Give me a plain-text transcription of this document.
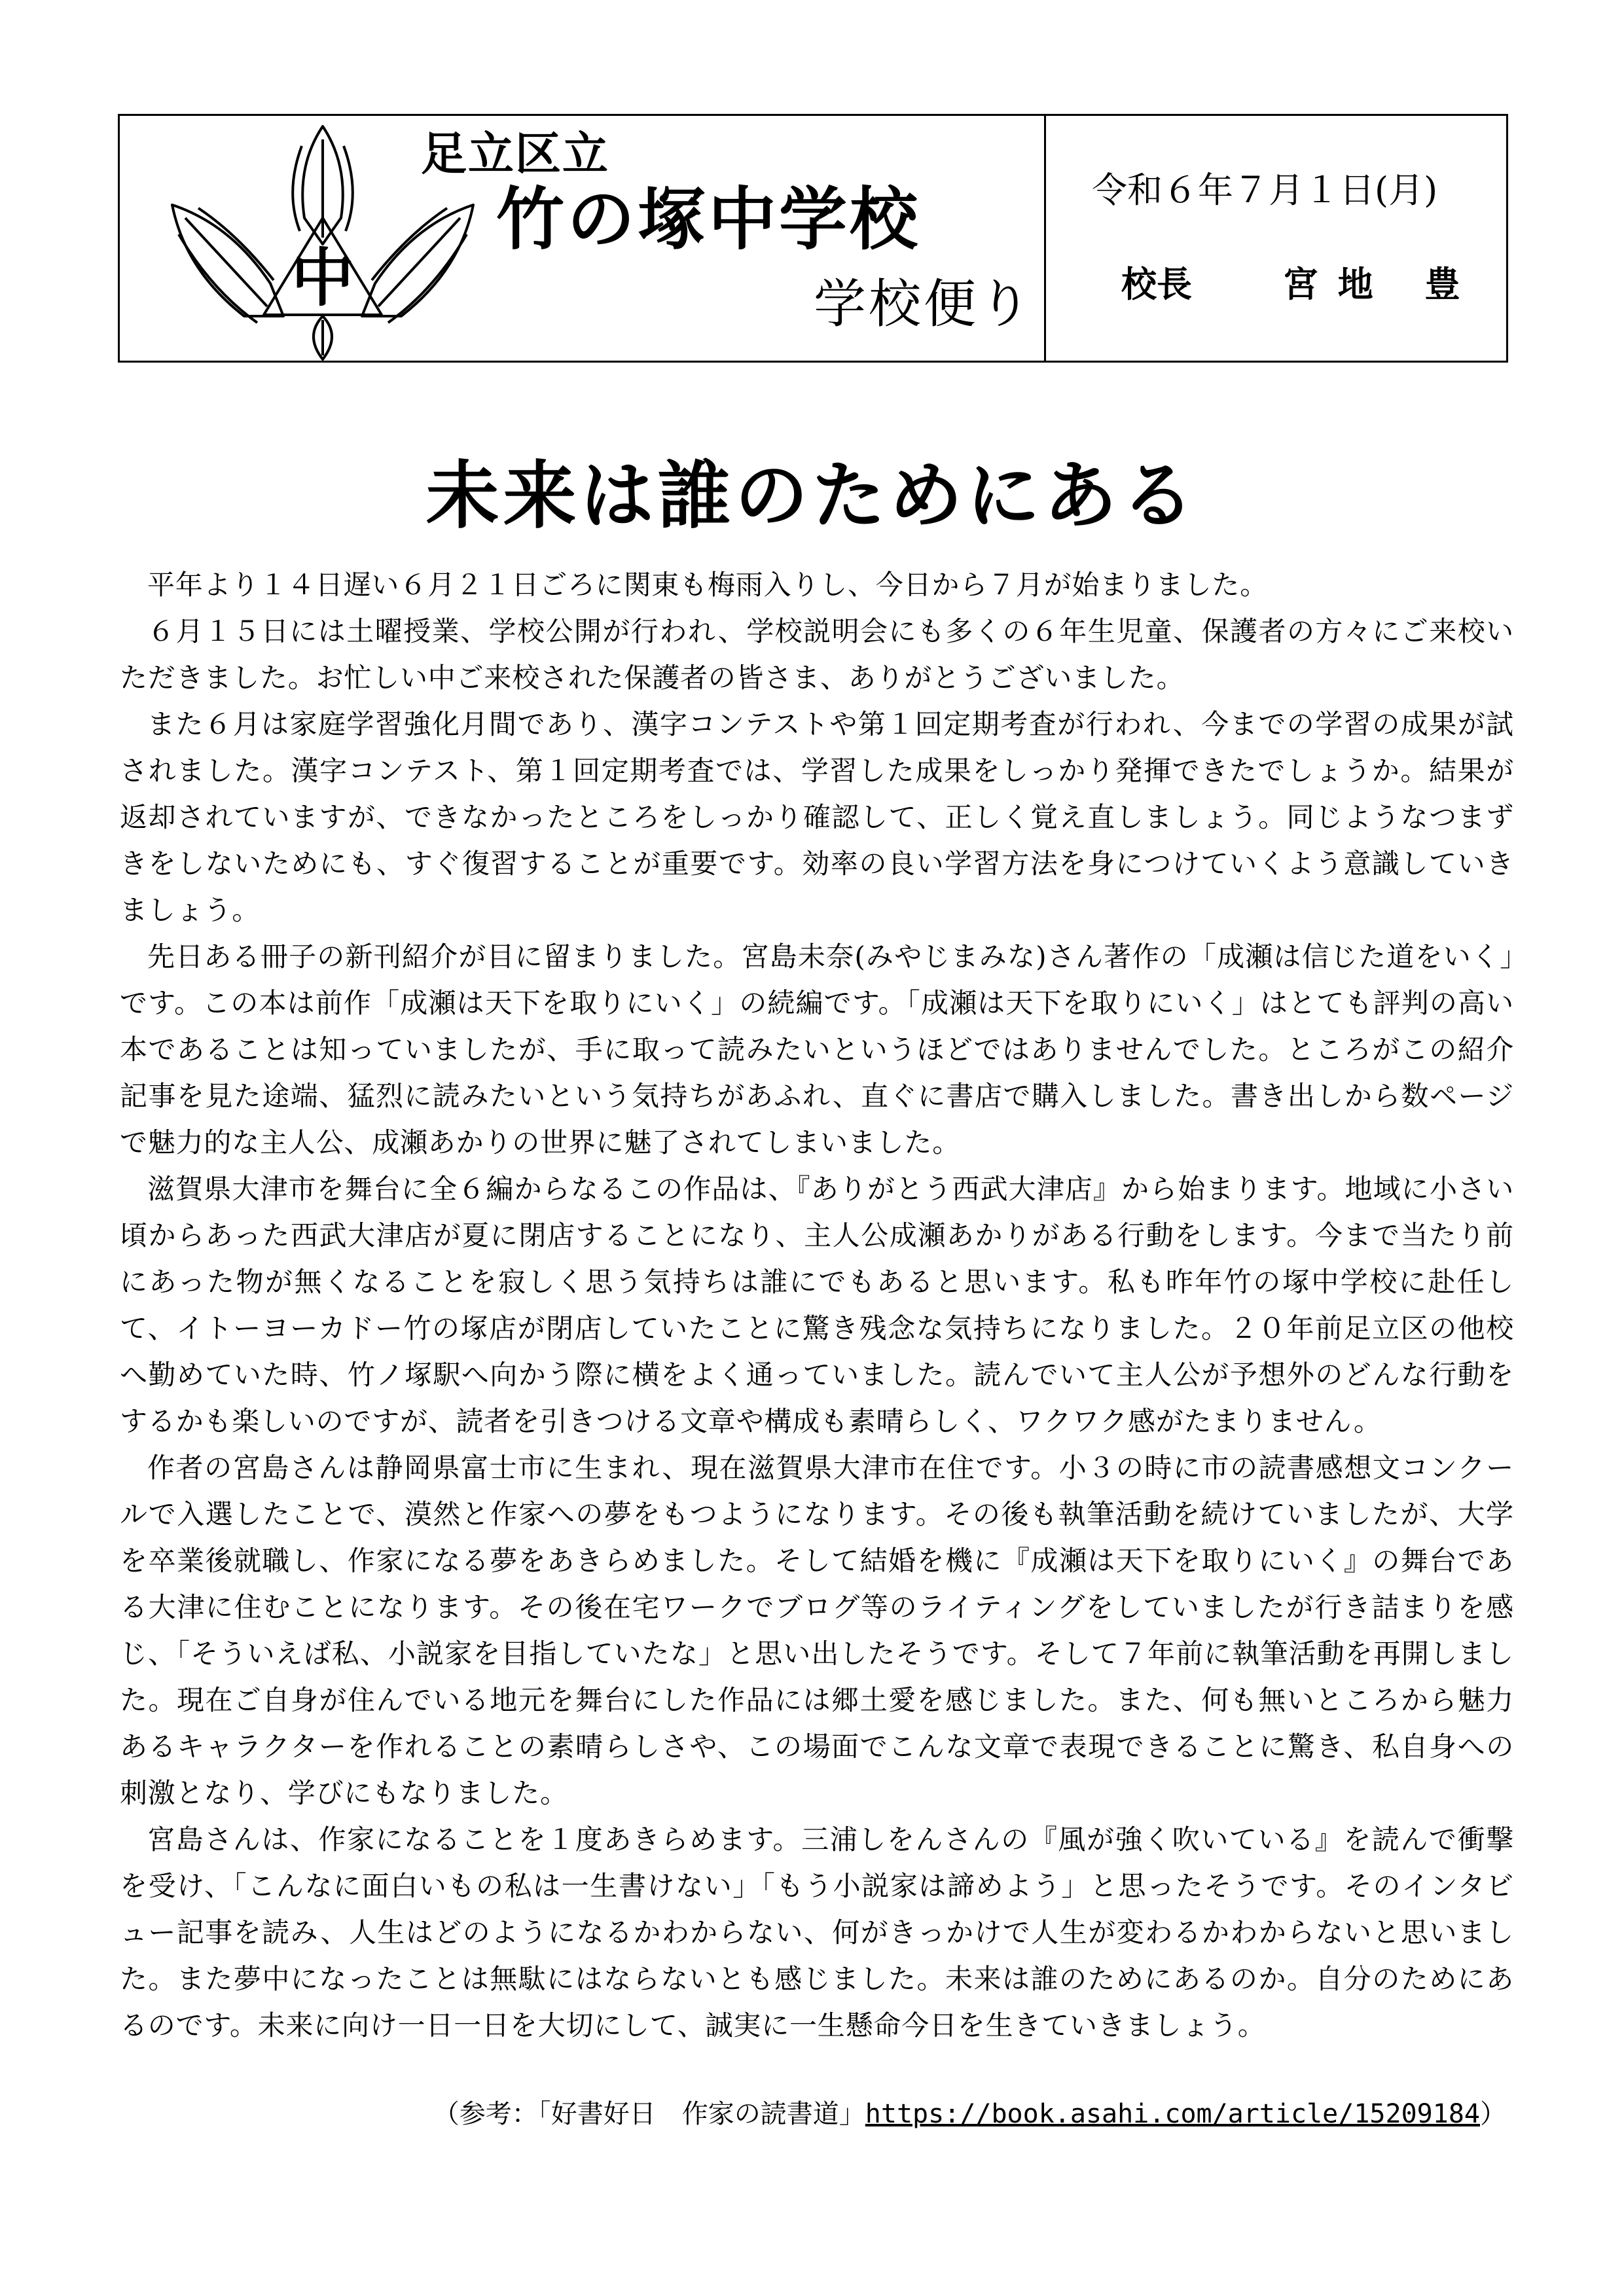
中
足立区立
竹の塚中学校
学校便り
令和６年７月１日(月)
校長	宮地 豊
未来は誰のためにある

平年より１４日遅い６月２１日ごろに関東も梅雨入りし、今日から７月が始まりました。

６月１５日には土曜授業、学校公開が行われ、学校説明会にも多くの６年生児童、保護者の方々にご来校いただきました。お忙しい中ご来校された保護者の皆さま、ありがとうございました。

また６月は家庭学習強化月間であり、漢字コンテストや第１回定期考査が行われ、今までの学習の成果が試されました。漢字コンテスト、第１回定期考査では、学習した成果をしっかり発揮できたでしょうか。結果が返却されていますが、できなかったところをしっかり確認して、正しく覚え直しましょう。同じようなつまずきをしないためにも、すぐ復習することが重要です。効率の良い学習方法を身につけていくよう意識していきましょう。

先日ある冊子の新刊紹介が目に留まりました。宮島未奈(みやじまみな)さん著作の「成瀬は信じた道をいく」です。この本は前作「成瀬は天下を取りにいく」の続編です。「成瀬は天下を取りにいく」はとても評判の高い本であることは知っていましたが、手に取って読みたいというほどではありませんでした。ところがこの紹介記事を見た途端、猛烈に読みたいという気持ちがあふれ、直ぐに書店で購入しました。書き出しから数ページで魅力的な主人公、成瀬あかりの世界に魅了されてしまいました。

滋賀県大津市を舞台に全６編からなるこの作品は、『ありがとう西武大津店』から始まります。地域に小さい頃からあった西武大津店が夏に閉店することになり、主人公成瀬あかりがある行動をします。今まで当たり前にあった物が無くなることを寂しく思う気持ちは誰にでもあると思います。私も昨年竹の塚中学校に赴任して、イトーヨーカドー竹の塚店が閉店していたことに驚き残念な気持ちになりました。２０年前足立区の他校へ勤めていた時、竹ノ塚駅へ向かう際に横をよく通っていました。読んでいて主人公が予想外のどんな行動をするかも楽しいのですが、読者を引きつける文章や構成も素晴らしく、ワクワク感がたまりません。

作者の宮島さんは静岡県富士市に生まれ、現在滋賀県大津市在住です。小３の時に市の読書感想文コンクールで入選したことで、漠然と作家への夢をもつようになります。その後も執筆活動を続けていましたが、大学を卒業後就職し、作家になる夢をあきらめました。そして結婚を機に『成瀬は天下を取りにいく』の舞台である大津に住むことになります。その後在宅ワークでブログ等のライティングをしていましたが行き詰まりを感じ、「そういえば私、小説家を目指していたな」と思い出したそうです。そして７年前に執筆活動を再開しました。現在ご自身が住んでいる地元を舞台にした作品には郷土愛を感じました。また、何も無いところから魅力あるキャラクターを作れることの素晴らしさや、この場面でこんな文章で表現できることに驚き、私自身への刺激となり、学びにもなりました。

宮島さんは、作家になることを１度あきらめます。三浦しをんさんの『風が強く吹いている』を読んで衝撃を受け、「こんなに面白いもの私は一生書けない」「もう小説家は諦めよう」と思ったそうです。そのインタビュー記事を読み、人生はどのようになるかわからない、何がきっかけで人生が変わるかわからないと思いました。また夢中になったことは無駄にはならないとも感じました。未来は誰のためにあるのか。自分のためにあるのです。未来に向け一日一日を大切にして、誠実に一生懸命今日を生きていきましょう。

（参考：「好書好日　作家の読書道」https://book.asahi.com/article/15209184）
